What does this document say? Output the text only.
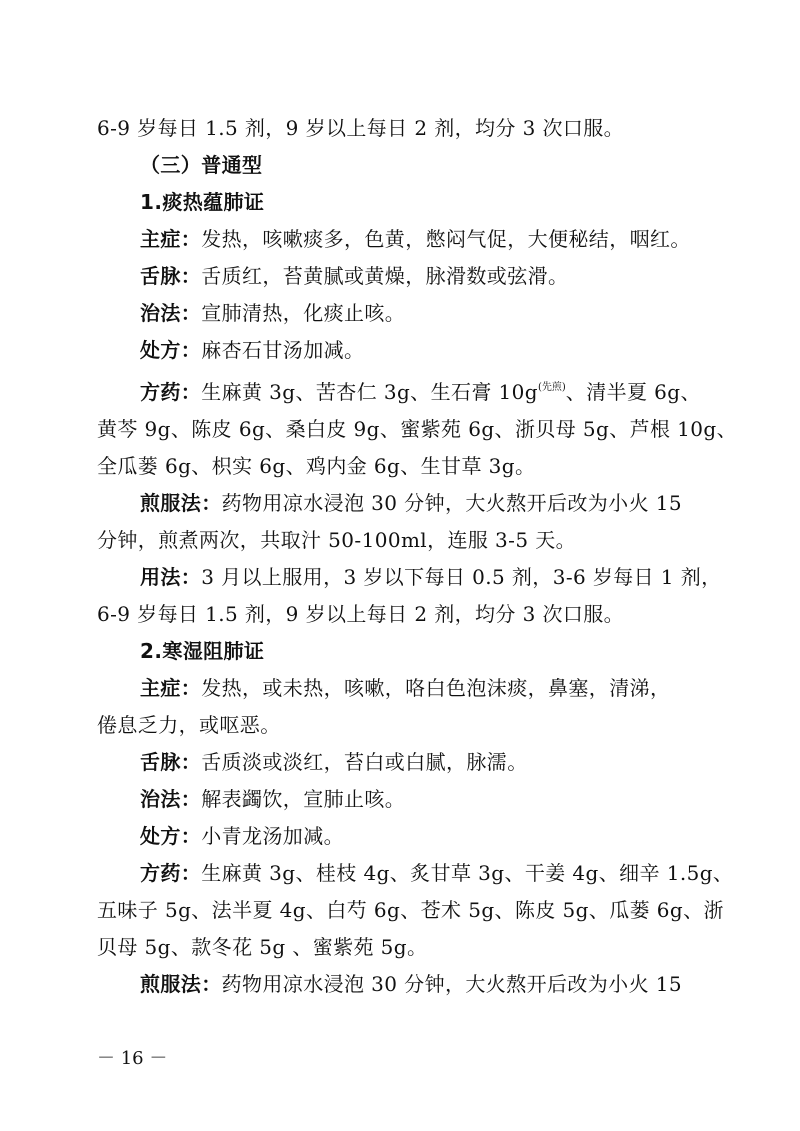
6-9 岁每日 1.5 剂，9 岁以上每日 2 剂，均分 3 次口服。
（三）普通型
1.痰热蕴肺证
主症：发热，咳嗽痰多，色黄，憋闷气促，大便秘结，咽红。
舌脉：舌质红，苔黄腻或黄燥，脉滑数或弦滑。
治法：宣肺清热，化痰止咳。
处方：麻杏石甘汤加减。
方药：生麻黄 3g、苦杏仁 3g、生石膏 $10g^{(先煎)}$、清半夏 6g、
黄芩 9g、陈皮 6g、桑白皮 9g、蜜紫苑 6g、浙贝母 5g、芦根 10g、
全瓜蒌 6g、枳实 6g、鸡内金 6g、生甘草 3g。
煎服法：药物用凉水浸泡 30 分钟，大火熬开后改为小火 15
分钟，煎煮两次，共取汁 50-100ml，连服 3-5 天。
用法：3 月以上服用，3 岁以下每日 0.5 剂，3-6 岁每日 1 剂，
6-9 岁每日 1.5 剂，9 岁以上每日 2 剂，均分 3 次口服。
2.寒湿阻肺证
主症：发热，或未热，咳嗽，咯白色泡沫痰，鼻塞，清涕，
倦息乏力，或呕恶。
舌脉：舌质淡或淡红，苔白或白腻，脉濡。
治法：解表蠲饮，宣肺止咳。
处方：小青龙汤加减。
方药：生麻黄 3g、桂枝 4g、炙甘草 3g、干姜 4g、细辛 1.5g、
五味子 5g、法半夏 4g、白芍 6g、苍术 5g、陈皮 5g、瓜蒌 6g、浙
贝母 5g、款冬花 5g 、蜜紫苑 5g。
煎服法：药物用凉水浸泡 30 分钟，大火熬开后改为小火 15
－ 16 －
